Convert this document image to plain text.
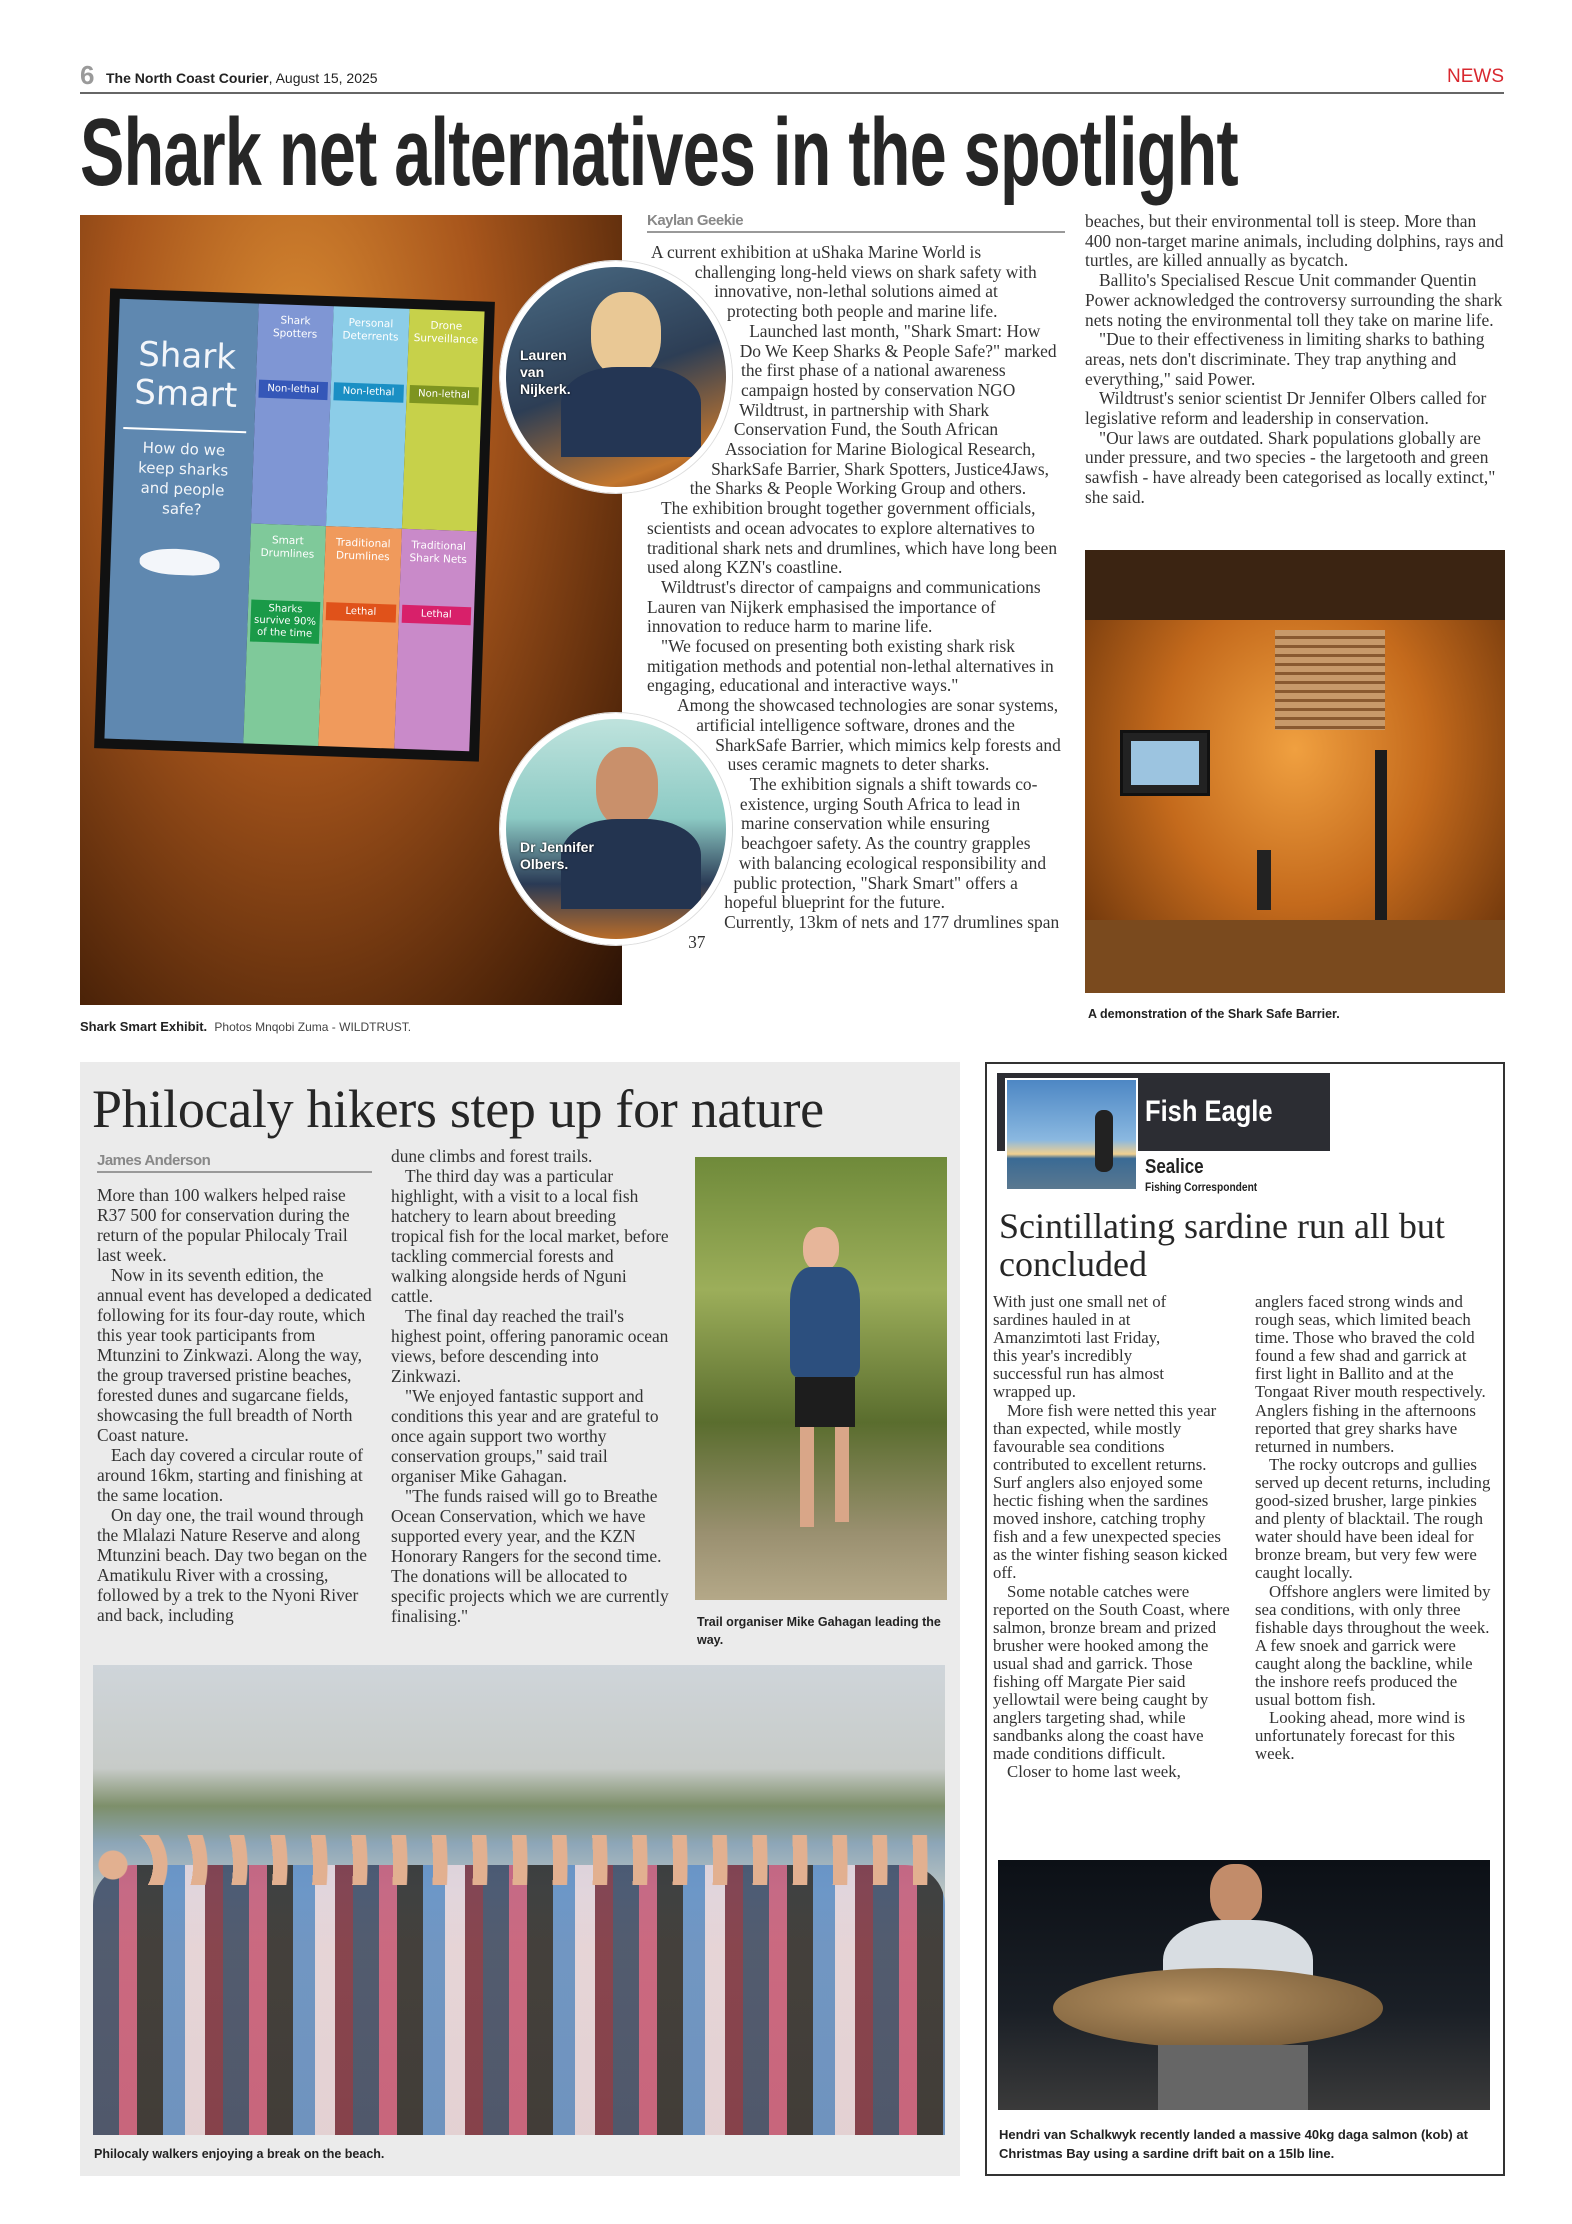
6 The North Coast Courier, August 15, 2025	NEWS
Shark net alternatives in the spotlight
Shark
Smart
How do we keep sharks and people safe?
Shark Spotters
Non-lethal
Personal Deterrents
Non-lethal
Drone Surveillance
Non-lethal
Smart Drumlines
Sharks survive 90% of the time
Traditional Drumlines
Lethal
Traditional Shark Nets
Lethal
Shark Smart Exhibit. Photos Mnqobi Zuma - WILDTRUST.
Lauren van Nijkerk.
Dr Jennifer Olbers.
Kaylan Geekie

A current exhibition at uShaka Marine World is challenging long-held views on shark safety with innovative, non-lethal solutions aimed at protecting both people and marine life.

Launched last month, "Shark Smart: How Do We Keep Sharks & People Safe?" marked the first phase of a national awareness campaign hosted by conservation NGO Wildtrust, in partnership with Shark Conservation Fund, the South African Association for Marine Biological Research, SharkSafe Barrier, Shark Spotters, Justice4Jaws, the Sharks & People Working Group and others.

The exhibition brought together government officials, scientists and ocean advocates to explore alternatives to traditional shark nets and drumlines, which have long been used along KZN's coastline.

Wildtrust's director of campaigns and communications Lauren van Nijkerk emphasised the importance of innovation to reduce harm to marine life.

"We focused on presenting both existing shark risk mitigation methods and potential non-lethal alternatives in engaging, educational and interactive ways."

Among the showcased technologies are sonar systems, artificial intelligence software, drones and the SharkSafe Barrier, which mimics kelp forests and uses ceramic magnets to deter sharks.

The exhibition signals a shift towards co-existence, urging South Africa to lead in marine conservation while ensuring beachgoer safety. As the country grapples with balancing ecological responsibility and public protection, "Shark Smart" offers a hopeful blueprint for the future.

Currently, 13km of nets and 177 drumlines span 37

beaches, but their environmental toll is steep. More than 400 non-target marine animals, including dolphins, rays and turtles, are killed annually as bycatch.

Ballito's Specialised Rescue Unit commander Quentin Power acknowledged the controversy surrounding the shark nets noting the environmental toll they take on marine life.

"Due to their effectiveness in limiting sharks to bathing areas, nets don't discriminate. They trap anything and everything," said Power.

Wildtrust's senior scientist Dr Jennifer Olbers called for legislative reform and leadership in conservation.

"Our laws are outdated. Shark populations globally are under pressure, and two species - the largetooth and green sawfish - have already been categorised as locally extinct," she said.

A demonstration of the Shark Safe Barrier.
Philocaly hikers step up for nature
James Anderson

More than 100 walkers helped raise R37 500 for conservation during the return of the popular Philocaly Trail last week.

Now in its seventh edition, the annual event has developed a dedicated following for its four-day route, which this year took participants from Mtunzini to Zinkwazi. Along the way, the group traversed pristine beaches, forested dunes and sugarcane fields, showcasing the full breadth of North Coast nature.

Each day covered a circular route of around 16km, starting and finishing at the same location.

On day one, the trail wound through the Mlalazi Nature Reserve and along Mtunzini beach. Day two began on the Amatikulu River with a crossing, followed by a trek to the Nyoni River and back, including

dune climbs and forest trails.

The third day was a particular highlight, with a visit to a local fish hatchery to learn about breeding tropical fish for the local market, before tackling commercial forests and walking alongside herds of Nguni cattle.

The final day reached the trail's highest point, offering panoramic ocean views, before descending into Zinkwazi.

"We enjoyed fantastic support and conditions this year and are grateful to once again support two worthy conservation groups," said trail organiser Mike Gahagan.

"The funds raised will go to Breathe Ocean Conservation, which we have supported every year, and the KZN Honorary Rangers for the second time. The donations will be allocated to specific projects which we are currently finalising."	Trail organiser Mike Gahagan leading the way.
Philocaly walkers enjoying a break on the beach.
Fish Eagle
Sealice
Fishing Correspondent
Scintillating sardine run all but concluded

With just one small net of sardines hauled in at Amanzimtoti last Friday, this year's incredibly successful run has almost wrapped up.

More fish were netted this year than expected, while mostly favourable sea conditions contributed to excellent returns. Surf anglers also enjoyed some hectic fishing when the sardines moved inshore, catching trophy fish and a few unexpected species as the winter fishing season kicked off.

Some notable catches were reported on the South Coast, where salmon, bronze bream and prized brusher were hooked among the usual shad and garrick. Those fishing off Margate Pier said yellowtail were being caught by anglers targeting shad, while sandbanks along the coast have made conditions difficult.

Closer to home last week,

anglers faced strong winds and rough seas, which limited beach time. Those who braved the cold found a few shad and garrick at first light in Ballito and at the Tongaat River mouth respectively. Anglers fishing in the afternoons reported that grey sharks have returned in numbers.

The rocky outcrops and gullies served up decent returns, including good-sized brusher, large pinkies and plenty of blacktail. The rough water should have been ideal for bronze bream, but very few were caught locally.

Offshore anglers were limited by sea conditions, with only three fishable days throughout the week. A few snoek and garrick were caught along the backline, while the inshore reefs produced the usual bottom fish.

Looking ahead, more wind is unfortunately forecast for this week.

Hendri van Schalkwyk recently landed a massive 40kg daga salmon (kob) at Christmas Bay using a sardine drift bait on a 15lb line.
